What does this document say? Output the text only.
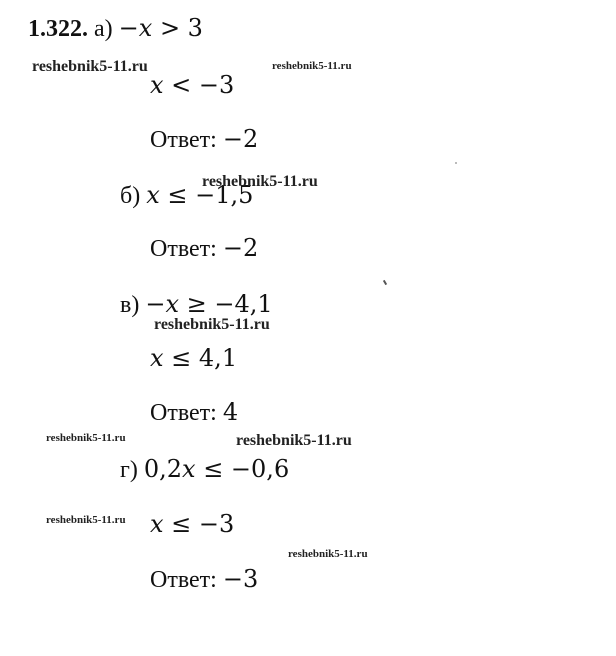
1.322. а) −x > 3
x < −3
Ответ: −2
б) x ≤ −1,5
Ответ: −2
в) −x ≥ −4,1
x ≤ 4,1
Ответ: 4
г) 0,2x ≤ −0,6
x ≤ −3
Ответ: −3
reshebnik5-11.ru	reshebnik5-11.ru
reshebnik5-11.ru
reshebnik5-11.ru
reshebnik5-11.ru	reshebnik5-11.ru
reshebnik5-11.ru
reshebnik5-11.ru
